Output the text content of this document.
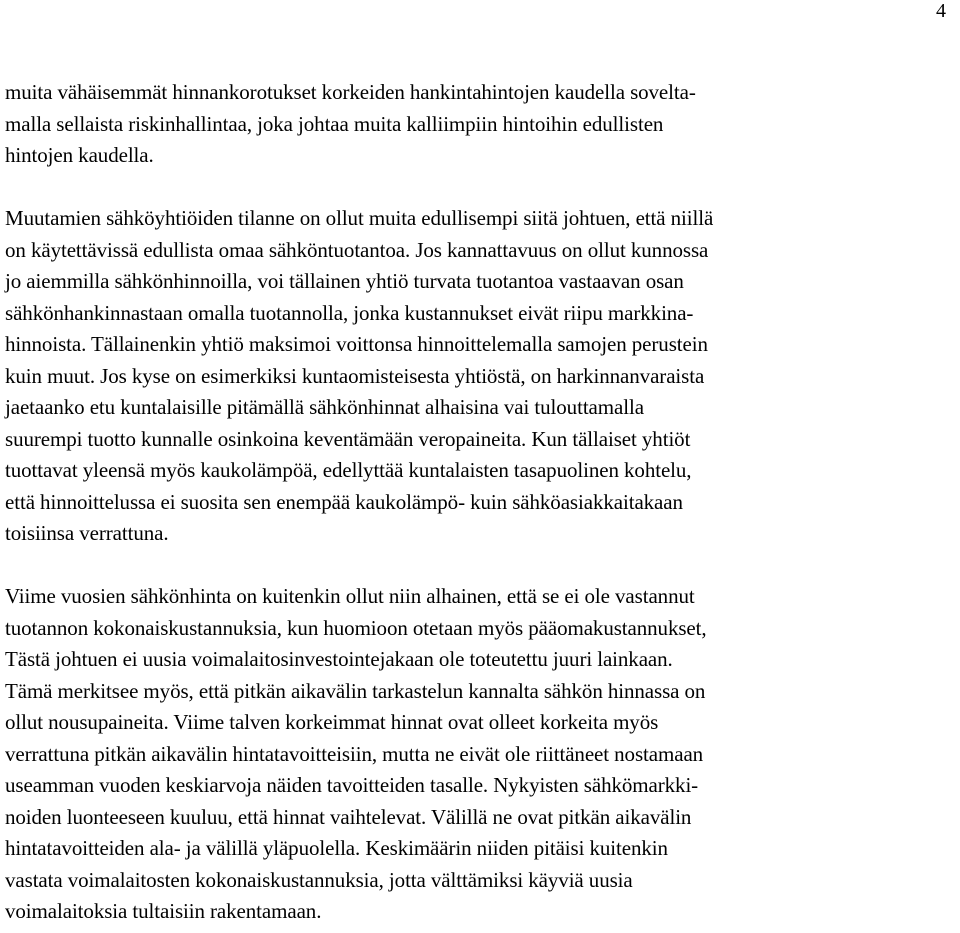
4

muita vähäisemmät hinnankorotukset korkeiden hankintahintojen kaudella soveltа-
malla sellaista riskinhallintaa, joka johtaa muita kalliimpiin hintoihin edullisten
hintojen kaudella.

Muutamien sähköyhtiöiden tilanne on ollut muita edullisempi siitä johtuen, että niillä
on käytettävissä edullista omaa sähköntuotantoa. Jos kannattavuus on ollut kunnossa
jo aiemmilla sähkönhinnoilla, voi tällainen yhtiö turvata tuotantoa vastaavan osan
sähkönhankinnastaan omalla tuotannolla, jonka kustannukset eivät riipu markkina-
hinnoista. Tällainenkin yhtiö maksimoi voittonsa hinnoittelemalla samojen perustein
kuin muut. Jos kyse on esimerkiksi kuntaomisteisesta yhtiöstä, on harkinnanvaraista
jaetaanko etu kuntalaisille pitämällä sähkönhinnat alhaisina vai tulouttamalla
suurempi tuotto kunnalle osinkoina keventämään veropaineita. Kun tällaiset yhtiöt
tuottavat yleensä myös kaukolämpöä, edellyttää kuntalaisten tasapuolinen kohtelu,
että hinnoittelussa ei suosita sen enempää kaukolämpö- kuin sähköasiakkaitakaan
toisiinsa verrattuna.

Viime vuosien sähkönhinta on kuitenkin ollut niin alhainen, että se ei ole vastannut
tuotannon kokonaiskustannuksia, kun huomioon otetaan myös pääomakustannukset,
Tästä johtuen ei uusia voimalaitosinvestointejakaan ole toteutettu juuri lainkaan.
Tämä merkitsee myös, että pitkän aikavälin tarkastelun kannalta sähkön hinnassa on
ollut nousupaineita. Viime talven korkeimmat hinnat ovat olleet korkeita myös
verrattuna pitkän aikavälin hintatavoitteisiin, mutta ne eivät ole riittäneet nostamaan
useamman vuoden keskiarvoja näiden tavoitteiden tasalle. Nykyisten sähkömarkki-
noiden luonteeseen kuuluu, että hinnat vaihtelevat. Välillä ne ovat pitkän aikavälin
hintatavoitteiden ala- ja välillä yläpuolella. Keskimäärin niiden pitäisi kuitenkin
vastata voimalaitosten kokonaiskustannuksia, jotta välttämiksi käyviä uusia
voimalaitoksia tultaisiin rakentamaan.
